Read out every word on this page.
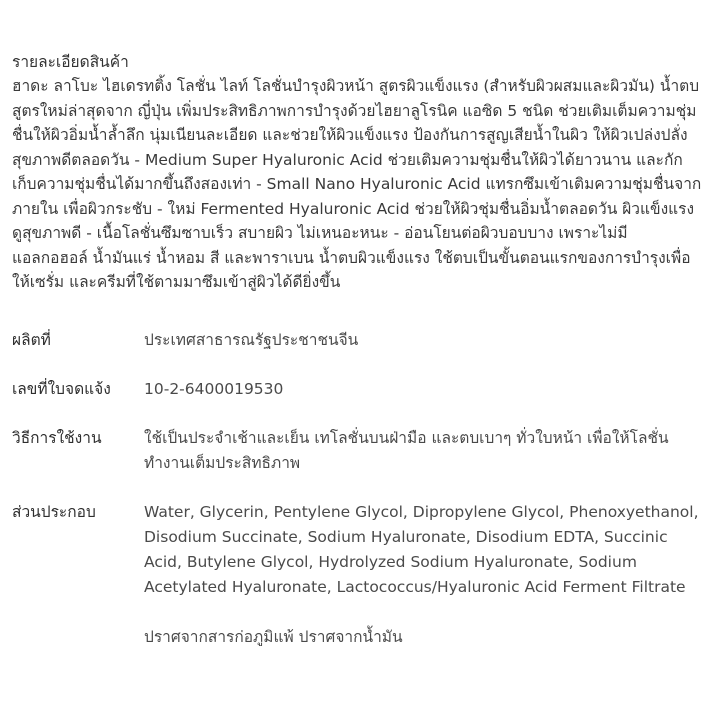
รายละเอียดสินค้า

ฮาดะ ลาโบะ ไฮเดรทติ้ง โลชั่น ไลท์ โลชั่นบำรุงผิวหน้า สูตรผิวแข็งแรง (สำหรับผิวผสมและผิวมัน) น้ำตบสูตรใหม่ล่าสุดจาก ญี่ปุ่น เพิ่มประสิทธิภาพการบำรุงด้วยไฮยาลูโรนิค แอซิด 5 ชนิด ช่วยเติมเต็มความชุ่มชื่นให้ผิวอิ่มน้ำล้ำลึก นุ่มเนียนละเอียด และช่วยให้ผิวแข็งแรง ป้องกันการสูญเสียน้ำในผิว ให้ผิวเปล่งปลั่งสุขภาพดีตลอดวัน - Medium Super Hyaluronic Acid ช่วยเติมความชุ่มชื่นให้ผิวได้ยาวนาน และกักเก็บความชุ่มชื่นได้มากขึ้นถึงสองเท่า - Small Nano Hyaluronic Acid แทรกซึมเข้าเติมความชุ่มชื่นจากภายใน เพื่อผิวกระชับ - ใหม่ Fermented Hyaluronic Acid ช่วยให้ผิวชุ่มชื่นอิ่มน้ำตลอดวัน ผิวแข็งแรงดูสุขภาพดี - เนื้อโลชั่นซึมซาบเร็ว สบายผิว ไม่เหนอะหนะ - อ่อนโยนต่อผิวบอบบาง เพราะไม่มีแอลกอฮอล์ น้ำมันแร่ น้ำหอม สี และพาราเบน น้ำตบผิวแข็งแรง ใช้ตบเป็นขั้นตอนแรกของการบำรุงเพื่อให้เซรั่ม และครีมที่ใช้ตามมาซึมเข้าสู่ผิวได้ดียิ่งขึ้น

ผลิตที่	ประเทศสาธารณรัฐประชาชนจีน
เลขที่ใบจดแจ้ง	10-2-6400019530
วิธีการใช้งาน	ใช้เป็นประจำเช้าและเย็น เทโลชั่นบนฝ่ามือ และตบเบาๆ ทั่วใบหน้า เพื่อให้โลชั่นทำงานเต็มประสิทธิภาพ
ส่วนประกอบ	Water, Glycerin, Pentylene Glycol, Dipropylene Glycol, Phenoxyethanol, Disodium Succinate, Sodium Hyaluronate, Disodium EDTA, Succinic Acid, Butylene Glycol, Hydrolyzed Sodium Hyaluronate, Sodium Acetylated Hyaluronate, Lactococcus/Hyaluronic Acid Ferment Filtrate
ปราศจากสารก่อภูมิแพ้ ปราศจากน้ำมัน
